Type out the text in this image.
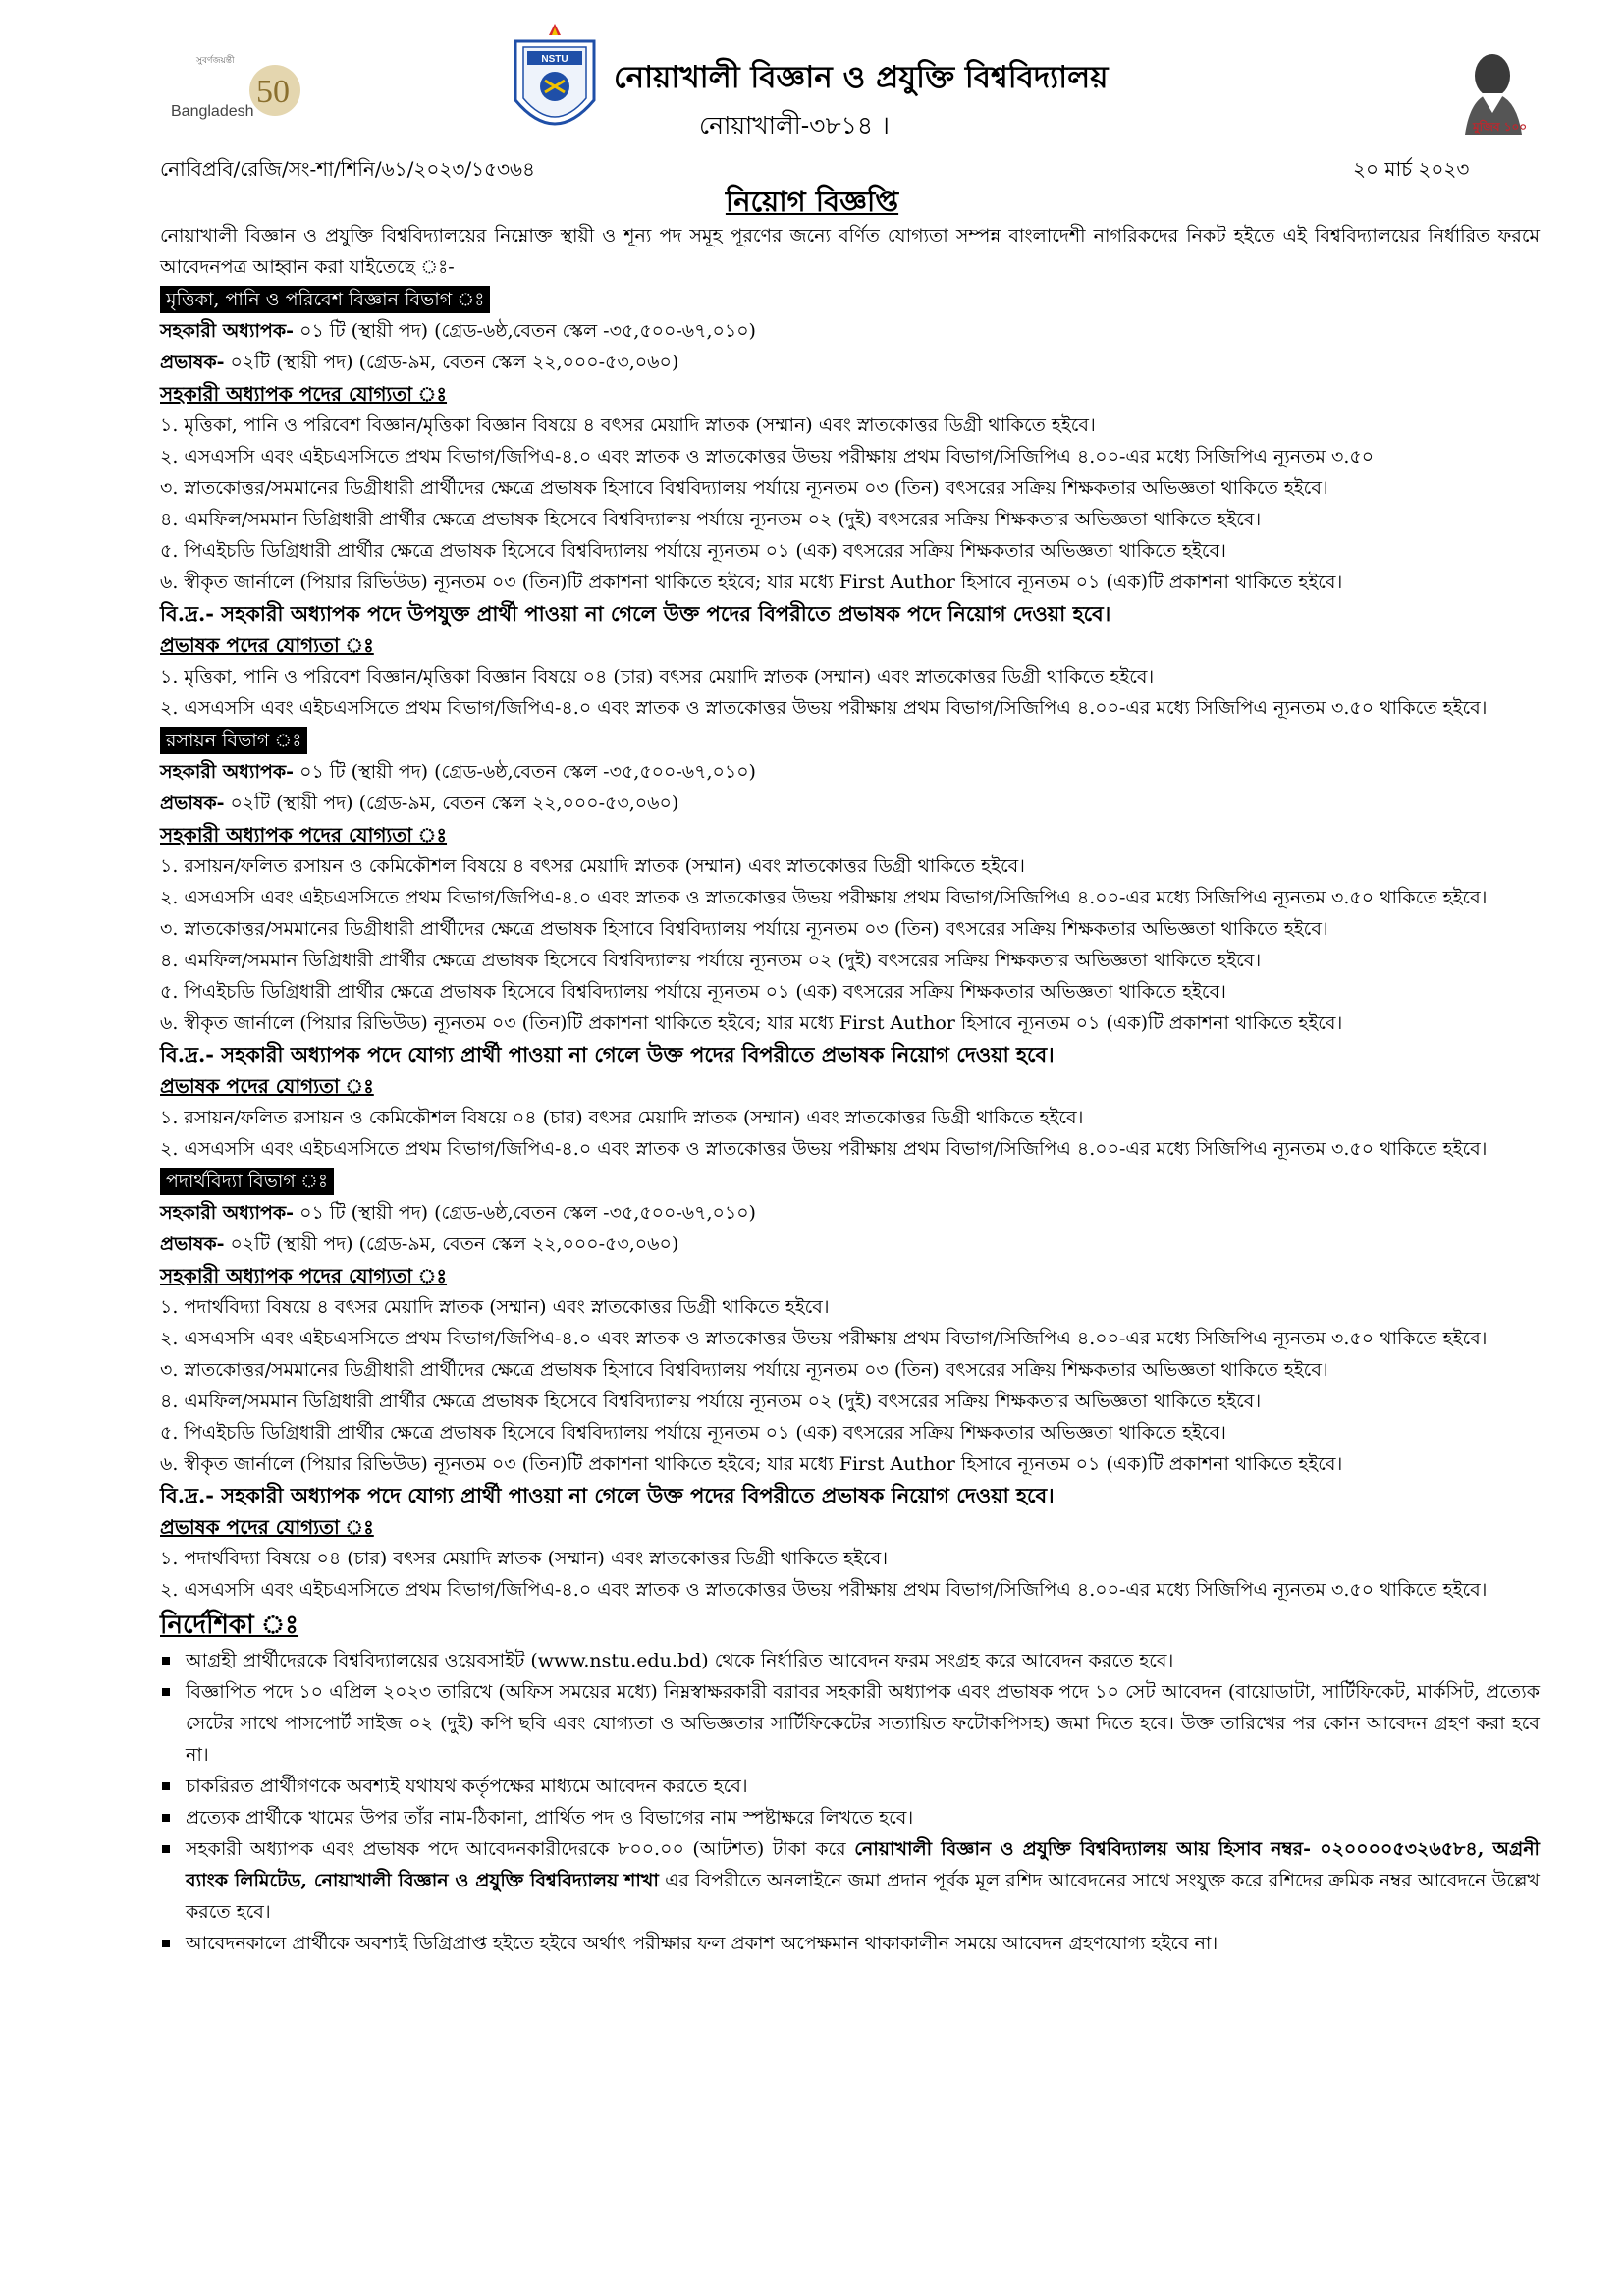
50
সুবর্ণজয়ন্তী
Bangladesh
NSTU
নোয়াখালী বিজ্ঞান ও প্রযুক্তি বিশ্ববিদ্যালয়
নোয়াখালী-৩৮১৪ ।	মুজিব ১০০
নোবিপ্রবি/রেজি/সং-শা/শিনি/৬১/২০২৩/১৫৩৬৪	২০ মার্চ ২০২৩
নিয়োগ বিজ্ঞপ্তি

নোয়াখালী বিজ্ঞান ও প্রযুক্তি বিশ্ববিদ্যালয়ের নিম্নোক্ত স্থায়ী ও শূন্য পদ সমূহ পূরণের জন্যে বর্ণিত যোগ্যতা সম্পন্ন বাংলাদেশী নাগরিকদের নিকট হইতে এই বিশ্ববিদ্যালয়ের নির্ধারিত ফরমে আবেদনপত্র আহ্বান করা যাইতেছে ঃ-

মৃত্তিকা, পানি ও পরিবেশ বিজ্ঞান বিভাগ ঃ

সহকারী অধ্যাপক- ০১ টি (স্থায়ী পদ) (গ্রেড-৬ষ্ঠ,বেতন স্কেল -৩৫,৫০০-৬৭,০১০)

প্রভাষক- ০২টি (স্থায়ী পদ) (গ্রেড-৯ম, বেতন স্কেল ২২,০০০-৫৩,০৬০)

সহকারী অধ্যাপক পদের যোগ্যতা ঃ

১. মৃত্তিকা, পানি ও পরিবেশ বিজ্ঞান/মৃত্তিকা বিজ্ঞান বিষয়ে ৪ বৎসর মেয়াদি স্নাতক (সম্মান) এবং স্নাতকোত্তর ডিগ্রী থাকিতে হইবে।

২. এসএসসি এবং এইচএসসিতে প্রথম বিভাগ/জিপিএ-৪.০ এবং স্নাতক ও স্নাতকোত্তর উভয় পরীক্ষায় প্রথম বিভাগ/সিজিপিএ ৪.০০-এর মধ্যে সিজিপিএ ন্যূনতম ৩.৫০

৩. স্নাতকোত্তর/সমমানের ডিগ্রীধারী প্রার্থীদের ক্ষেত্রে প্রভাষক হিসাবে বিশ্ববিদ্যালয় পর্যায়ে ন্যূনতম ০৩ (তিন) বৎসরের সক্রিয় শিক্ষকতার অভিজ্ঞতা থাকিতে হইবে।

৪. এমফিল/সমমান ডিগ্রিধারী প্রার্থীর ক্ষেত্রে প্রভাষক হিসেবে বিশ্ববিদ্যালয় পর্যায়ে ন্যূনতম ০২ (দুই) বৎসরের সক্রিয় শিক্ষকতার অভিজ্ঞতা থাকিতে হইবে।

৫. পিএইচডি ডিগ্রিধারী প্রার্থীর ক্ষেত্রে প্রভাষক হিসেবে বিশ্ববিদ্যালয় পর্যায়ে ন্যূনতম ০১ (এক) বৎসরের সক্রিয় শিক্ষকতার অভিজ্ঞতা থাকিতে হইবে।

৬. স্বীকৃত জার্নালে (পিয়ার রিভিউড) ন্যূনতম ০৩ (তিন)টি প্রকাশনা থাকিতে হইবে; যার মধ্যে First Author হিসাবে ন্যূনতম ০১ (এক)টি প্রকাশনা থাকিতে হইবে।

বি.দ্র.- সহকারী অধ্যাপক পদে উপযুক্ত প্রার্থী পাওয়া না গেলে উক্ত পদের বিপরীতে প্রভাষক পদে নিয়োগ দেওয়া হবে।

প্রভাষক পদের যোগ্যতা ঃ

১. মৃত্তিকা, পানি ও পরিবেশ বিজ্ঞান/মৃত্তিকা বিজ্ঞান বিষয়ে ০৪ (চার) বৎসর মেয়াদি স্নাতক (সম্মান) এবং স্নাতকোত্তর ডিগ্রী থাকিতে হইবে।

২. এসএসসি এবং এইচএসসিতে প্রথম বিভাগ/জিপিএ-৪.০ এবং স্নাতক ও স্নাতকোত্তর উভয় পরীক্ষায় প্রথম বিভাগ/সিজিপিএ ৪.০০-এর মধ্যে সিজিপিএ ন্যূনতম ৩.৫০ থাকিতে হইবে।

রসায়ন বিভাগ ঃ

সহকারী অধ্যাপক- ০১ টি (স্থায়ী পদ) (গ্রেড-৬ষ্ঠ,বেতন স্কেল -৩৫,৫০০-৬৭,০১০)

প্রভাষক- ০২টি (স্থায়ী পদ) (গ্রেড-৯ম, বেতন স্কেল ২২,০০০-৫৩,০৬০)

সহকারী অধ্যাপক পদের যোগ্যতা ঃ

১. রসায়ন/ফলিত রসায়ন ও কেমিকৌশল বিষয়ে ৪ বৎসর মেয়াদি স্নাতক (সম্মান) এবং স্নাতকোত্তর ডিগ্রী থাকিতে হইবে।

২. এসএসসি এবং এইচএসসিতে প্রথম বিভাগ/জিপিএ-৪.০ এবং স্নাতক ও স্নাতকোত্তর উভয় পরীক্ষায় প্রথম বিভাগ/সিজিপিএ ৪.০০-এর মধ্যে সিজিপিএ ন্যূনতম ৩.৫০ থাকিতে হইবে।

৩. স্নাতকোত্তর/সমমানের ডিগ্রীধারী প্রার্থীদের ক্ষেত্রে প্রভাষক হিসাবে বিশ্ববিদ্যালয় পর্যায়ে ন্যূনতম ০৩ (তিন) বৎসরের সক্রিয় শিক্ষকতার অভিজ্ঞতা থাকিতে হইবে।

৪. এমফিল/সমমান ডিগ্রিধারী প্রার্থীর ক্ষেত্রে প্রভাষক হিসেবে বিশ্ববিদ্যালয় পর্যায়ে ন্যূনতম ০২ (দুই) বৎসরের সক্রিয় শিক্ষকতার অভিজ্ঞতা থাকিতে হইবে।

৫. পিএইচডি ডিগ্রিধারী প্রার্থীর ক্ষেত্রে প্রভাষক হিসেবে বিশ্ববিদ্যালয় পর্যায়ে ন্যূনতম ০১ (এক) বৎসরের সক্রিয় শিক্ষকতার অভিজ্ঞতা থাকিতে হইবে।

৬. স্বীকৃত জার্নালে (পিয়ার রিভিউড) ন্যূনতম ০৩ (তিন)টি প্রকাশনা থাকিতে হইবে; যার মধ্যে First Author হিসাবে ন্যূনতম ০১ (এক)টি প্রকাশনা থাকিতে হইবে।

বি.দ্র.- সহকারী অধ্যাপক পদে যোগ্য প্রার্থী পাওয়া না গেলে উক্ত পদের বিপরীতে প্রভাষক নিয়োগ দেওয়া হবে।

প্রভাষক পদের যোগ্যতা ঃ

১. রসায়ন/ফলিত রসায়ন ও কেমিকৌশল বিষয়ে ০৪ (চার) বৎসর মেয়াদি স্নাতক (সম্মান) এবং স্নাতকোত্তর ডিগ্রী থাকিতে হইবে।

২. এসএসসি এবং এইচএসসিতে প্রথম বিভাগ/জিপিএ-৪.০ এবং স্নাতক ও স্নাতকোত্তর উভয় পরীক্ষায় প্রথম বিভাগ/সিজিপিএ ৪.০০-এর মধ্যে সিজিপিএ ন্যূনতম ৩.৫০ থাকিতে হইবে।

পদার্থবিদ্যা বিভাগ ঃ

সহকারী অধ্যাপক- ০১ টি (স্থায়ী পদ) (গ্রেড-৬ষ্ঠ,বেতন স্কেল -৩৫,৫০০-৬৭,০১০)

প্রভাষক- ০২টি (স্থায়ী পদ) (গ্রেড-৯ম, বেতন স্কেল ২২,০০০-৫৩,০৬০)

সহকারী অধ্যাপক পদের যোগ্যতা ঃ

১. পদার্থবিদ্যা বিষয়ে ৪ বৎসর মেয়াদি স্নাতক (সম্মান) এবং স্নাতকোত্তর ডিগ্রী থাকিতে হইবে।

২. এসএসসি এবং এইচএসসিতে প্রথম বিভাগ/জিপিএ-৪.০ এবং স্নাতক ও স্নাতকোত্তর উভয় পরীক্ষায় প্রথম বিভাগ/সিজিপিএ ৪.০০-এর মধ্যে সিজিপিএ ন্যূনতম ৩.৫০ থাকিতে হইবে।

৩. স্নাতকোত্তর/সমমানের ডিগ্রীধারী প্রার্থীদের ক্ষেত্রে প্রভাষক হিসাবে বিশ্ববিদ্যালয় পর্যায়ে ন্যূনতম ০৩ (তিন) বৎসরের সক্রিয় শিক্ষকতার অভিজ্ঞতা থাকিতে হইবে।

৪. এমফিল/সমমান ডিগ্রিধারী প্রার্থীর ক্ষেত্রে প্রভাষক হিসেবে বিশ্ববিদ্যালয় পর্যায়ে ন্যূনতম ০২ (দুই) বৎসরের সক্রিয় শিক্ষকতার অভিজ্ঞতা থাকিতে হইবে।

৫. পিএইচডি ডিগ্রিধারী প্রার্থীর ক্ষেত্রে প্রভাষক হিসেবে বিশ্ববিদ্যালয় পর্যায়ে ন্যূনতম ০১ (এক) বৎসরের সক্রিয় শিক্ষকতার অভিজ্ঞতা থাকিতে হইবে।

৬. স্বীকৃত জার্নালে (পিয়ার রিভিউড) ন্যূনতম ০৩ (তিন)টি প্রকাশনা থাকিতে হইবে; যার মধ্যে First Author হিসাবে ন্যূনতম ০১ (এক)টি প্রকাশনা থাকিতে হইবে।

বি.দ্র.- সহকারী অধ্যাপক পদে যোগ্য প্রার্থী পাওয়া না গেলে উক্ত পদের বিপরীতে প্রভাষক নিয়োগ দেওয়া হবে।

প্রভাষক পদের যোগ্যতা ঃ

১. পদার্থবিদ্যা বিষয়ে ০৪ (চার) বৎসর মেয়াদি স্নাতক (সম্মান) এবং স্নাতকোত্তর ডিগ্রী থাকিতে হইবে।

২. এসএসসি এবং এইচএসসিতে প্রথম বিভাগ/জিপিএ-৪.০ এবং স্নাতক ও স্নাতকোত্তর উভয় পরীক্ষায় প্রথম বিভাগ/সিজিপিএ ৪.০০-এর মধ্যে সিজিপিএ ন্যূনতম ৩.৫০ থাকিতে হইবে।

নির্দেশিকা ঃ

আগ্রহী প্রার্থীদেরকে বিশ্ববিদ্যালয়ের ওয়েবসাইট (www.nstu.edu.bd) থেকে নির্ধারিত আবেদন ফরম সংগ্রহ করে আবেদন করতে হবে।
বিজ্ঞাপিত পদে ১০ এপ্রিল ২০২৩ তারিখে (অফিস সময়ের মধ্যে) নিম্নস্বাক্ষরকারী বরাবর সহকারী অধ্যাপক এবং প্রভাষক পদে ১০ সেট আবেদন (বায়োডাটা, সার্টিফিকেট, মার্কসিট, প্রত্যেক সেটের সাথে পাসপোর্ট সাইজ ০২ (দুই) কপি ছবি এবং যোগ্যতা ও অভিজ্ঞতার সার্টিফিকেটের সত্যায়িত ফটোকপিসহ) জমা দিতে হবে। উক্ত তারিখের পর কোন আবেদন গ্রহণ করা হবে না।
চাকরিরত প্রার্থীগণকে অবশ্যই যথাযথ কর্তৃপক্ষের মাধ্যমে আবেদন করতে হবে।
প্রত্যেক প্রার্থীকে খামের উপর তাঁর নাম-ঠিকানা, প্রার্থিত পদ ও বিভাগের নাম স্পষ্টাক্ষরে লিখতে হবে।
সহকারী অধ্যাপক এবং প্রভাষক পদে আবেদনকারীদেরকে ৮০০.০০ (আটশত) টাকা করে নোয়াখালী বিজ্ঞান ও প্রযুক্তি বিশ্ববিদ্যালয় আয় হিসাব নম্বর- ০২০০০০৫৩২৬৫৮৪, অগ্রনী ব্যাংক লিমিটেড, নোয়াখালী বিজ্ঞান ও প্রযুক্তি বিশ্ববিদ্যালয় শাখা এর বিপরীতে অনলাইনে জমা প্রদান পূর্বক মূল রশিদ আবেদনের সাথে সংযুক্ত করে রশিদের ক্রমিক নম্বর আবেদনে উল্লেখ করতে হবে।
আবেদনকালে প্রার্থীকে অবশ্যই ডিগ্রিপ্রাপ্ত হইতে হইবে অর্থাৎ পরীক্ষার ফল প্রকাশ অপেক্ষমান থাকাকালীন সময়ে আবেদন গ্রহণযোগ্য হইবে না।
